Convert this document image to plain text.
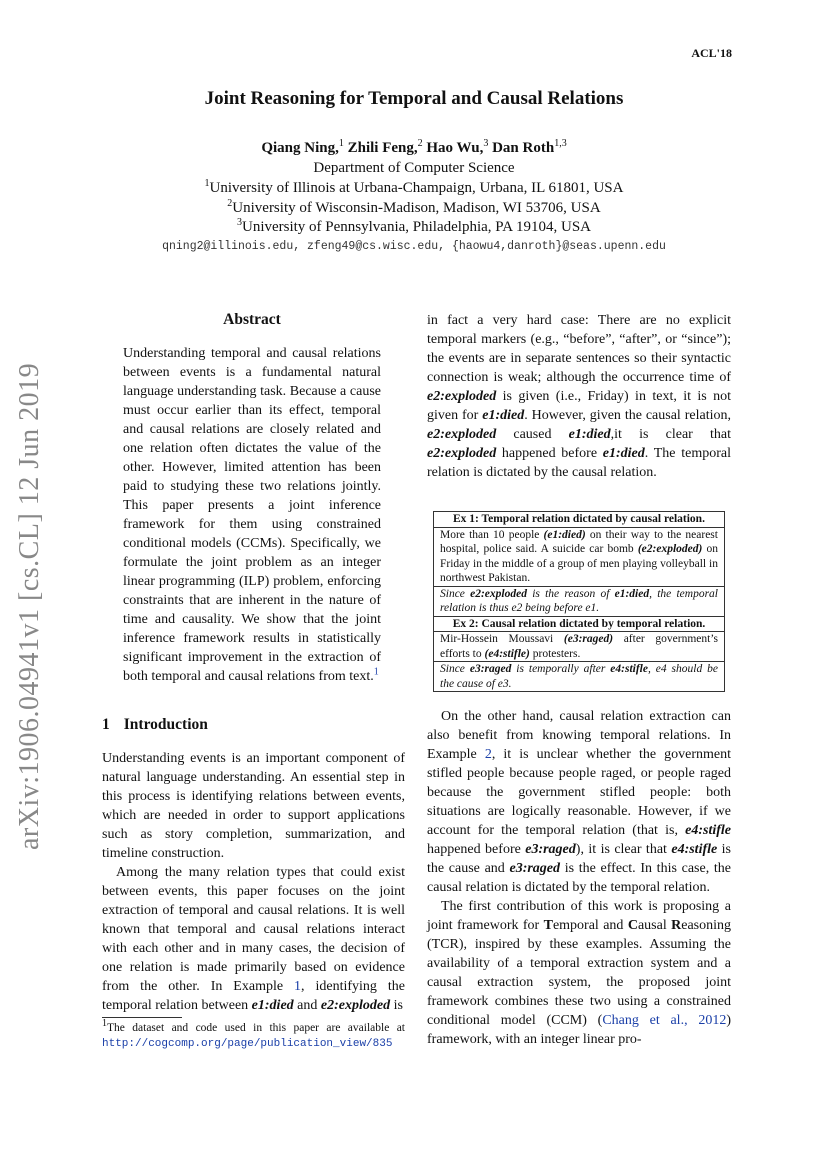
ACL'18
Joint Reasoning for Temporal and Causal Relations
Qiang Ning,$^1$ Zhili Feng,$^2$ Hao Wu,$^3$ Dan Roth$^{1,3}$
Department of Computer Science
$^1$University of Illinois at Urbana-Champaign, Urbana, IL 61801, USA
$^2$University of Wisconsin-Madison, Madison, WI 53706, USA
$^3$University of Pennsylvania, Philadelphia, PA 19104, USA
qning2@illinois.edu, zfeng49@cs.wisc.edu, {haowu4,danroth}@seas.upenn.edu
arXiv:1906.04941v1 [cs.CL] 12 Jun 2019
Abstract
Understanding temporal and causal relations between events is a fundamental natural language understanding task. Because a cause must occur earlier than its effect, temporal and causal relations are closely related and one relation often dictates the value of the other. However, limited attention has been paid to studying these two relations jointly. This paper presents a joint inference framework for them using constrained conditional models (CCMs). Specifically, we formulate the joint problem as an integer linear programming (ILP) problem, enforcing constraints that are inherent in the nature of time and causality. We show that the joint inference framework results in statistically significant improvement in the extraction of both temporal and causal relations from text.$^1$
1 Introduction

Understanding events is an important component of natural language understanding. An essential step in this process is identifying relations between events, which are needed in order to support applications such as story completion, summarization, and timeline construction.

Among the many relation types that could exist between events, this paper focuses on the joint extraction of temporal and causal relations. It is well known that temporal and causal relations interact with each other and in many cases, the decision of one relation is made primarily based on evidence from the other. In Example 1, identifying the temporal relation between e1:died and e2:exploded is

$^1$The dataset and code used in this paper are available at http://cogcomp.org/page/publication_view/835

in fact a very hard case: There are no explicit temporal markers (e.g., “before”, “after”, or “since”); the events are in separate sentences so their syntactic connection is weak; although the occurrence time of e2:exploded is given (i.e., Friday) in text, it is not given for e1:died. However, given the causal relation, e2:exploded caused e1:died,it is clear that e2:exploded happened before e1:died. The temporal relation is dictated by the causal relation.

Ex 1: Temporal relation dictated by causal relation.
More than 10 people (e1:died) on their way to the nearest hospital, police said. A suicide car bomb (e2:exploded) on Friday in the middle of a group of men playing volleyball in northwest Pakistan.
Since e2:exploded is the reason of e1:died, the temporal relation is thus e2 being before e1.
Ex 2: Causal relation dictated by temporal relation.
Mir-Hossein Moussavi (e3:raged) after government’s efforts to (e4:stifle) protesters.
Since e3:raged is temporally after e4:stifle, e4 should be the cause of e3.

On the other hand, causal relation extraction can also benefit from knowing temporal relations. In Example 2, it is unclear whether the government stifled people because people raged, or people raged because the government stifled people: both situations are logically reasonable. However, if we account for the temporal relation (that is, e4:stifle happened before e3:raged), it is clear that e4:stifle is the cause and e3:raged is the effect. In this case, the causal relation is dictated by the temporal relation.

The first contribution of this work is proposing a joint framework for Temporal and Causal Reasoning (TCR), inspired by these examples. Assuming the availability of a temporal extraction system and a causal extraction system, the proposed joint framework combines these two using a constrained conditional model (CCM) (Chang et al., 2012) framework, with an integer linear pro-
